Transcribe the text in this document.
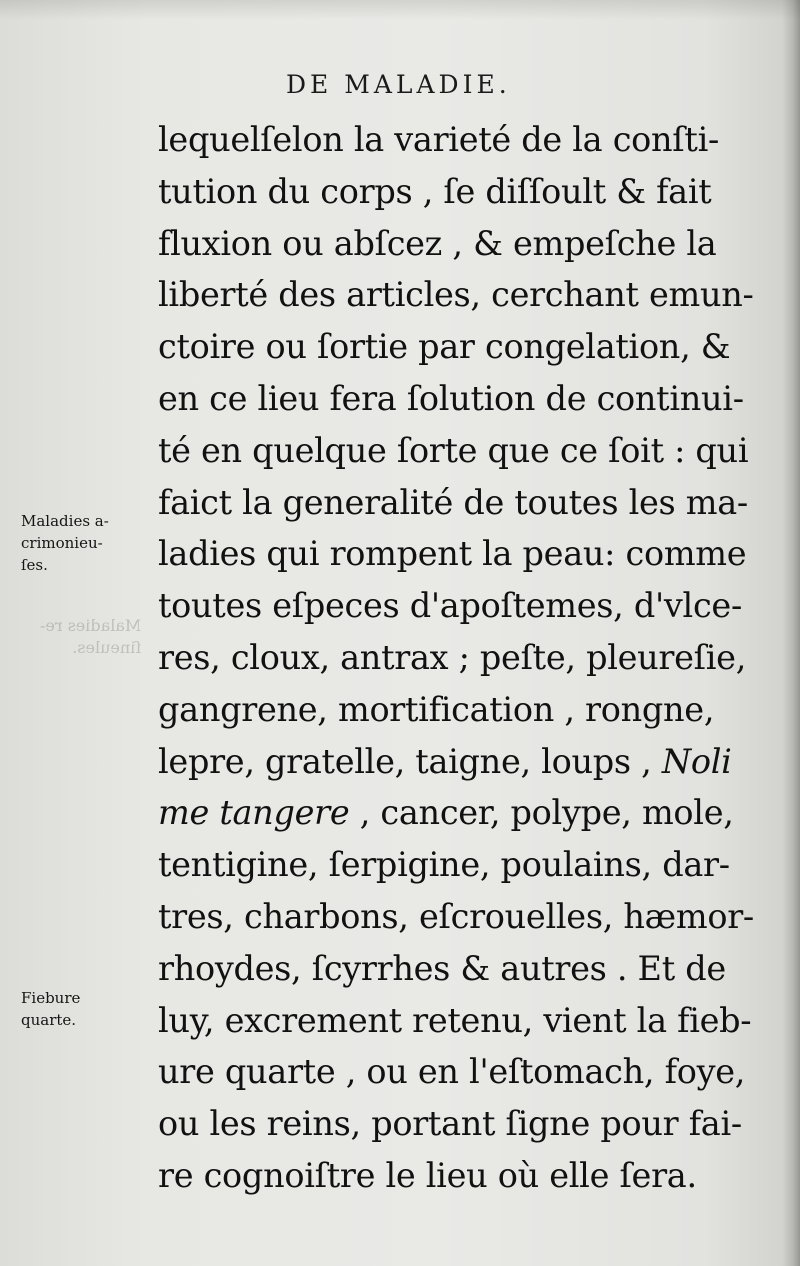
Maladies re-
ſineules.
DE MALADIE.
lequelſelon la varieté de la conſti-
tution du corps , ſe diſſoult & fait
fluxion ou abſcez , & empeſche la
liberté des articles, cerchant emun-
ctoire ou ſortie par congelation, &
en ce lieu fera ſolution de continui-
té en quelque ſorte que ce ſoit : qui
faict la generalité de toutes les ma-
ladies qui rompent la peau: comme
toutes eſpeces d'apoſtemes, d'vlce-
res, cloux, antrax ; peſte, pleureſie,
gangrene, mortification , rongne,
lepre, gratelle, taigne, loups , Noli
me tangere , cancer, polype, mole,
tentigine, ſerpigine, poulains, dar-
tres, charbons, eſcrouelles, hæmor-
rhoydes, ſcyrrhes & autres . Et de
luy, excrement retenu, vient la fieb-
ure quarte , ou en l'eſtomach, foye,
ou les reins, portant ſigne pour fai-
re cognoiſtre le lieu où elle ſera.
Maladies a-
crimonieu-
ſes.
Fiebure
quarte.
